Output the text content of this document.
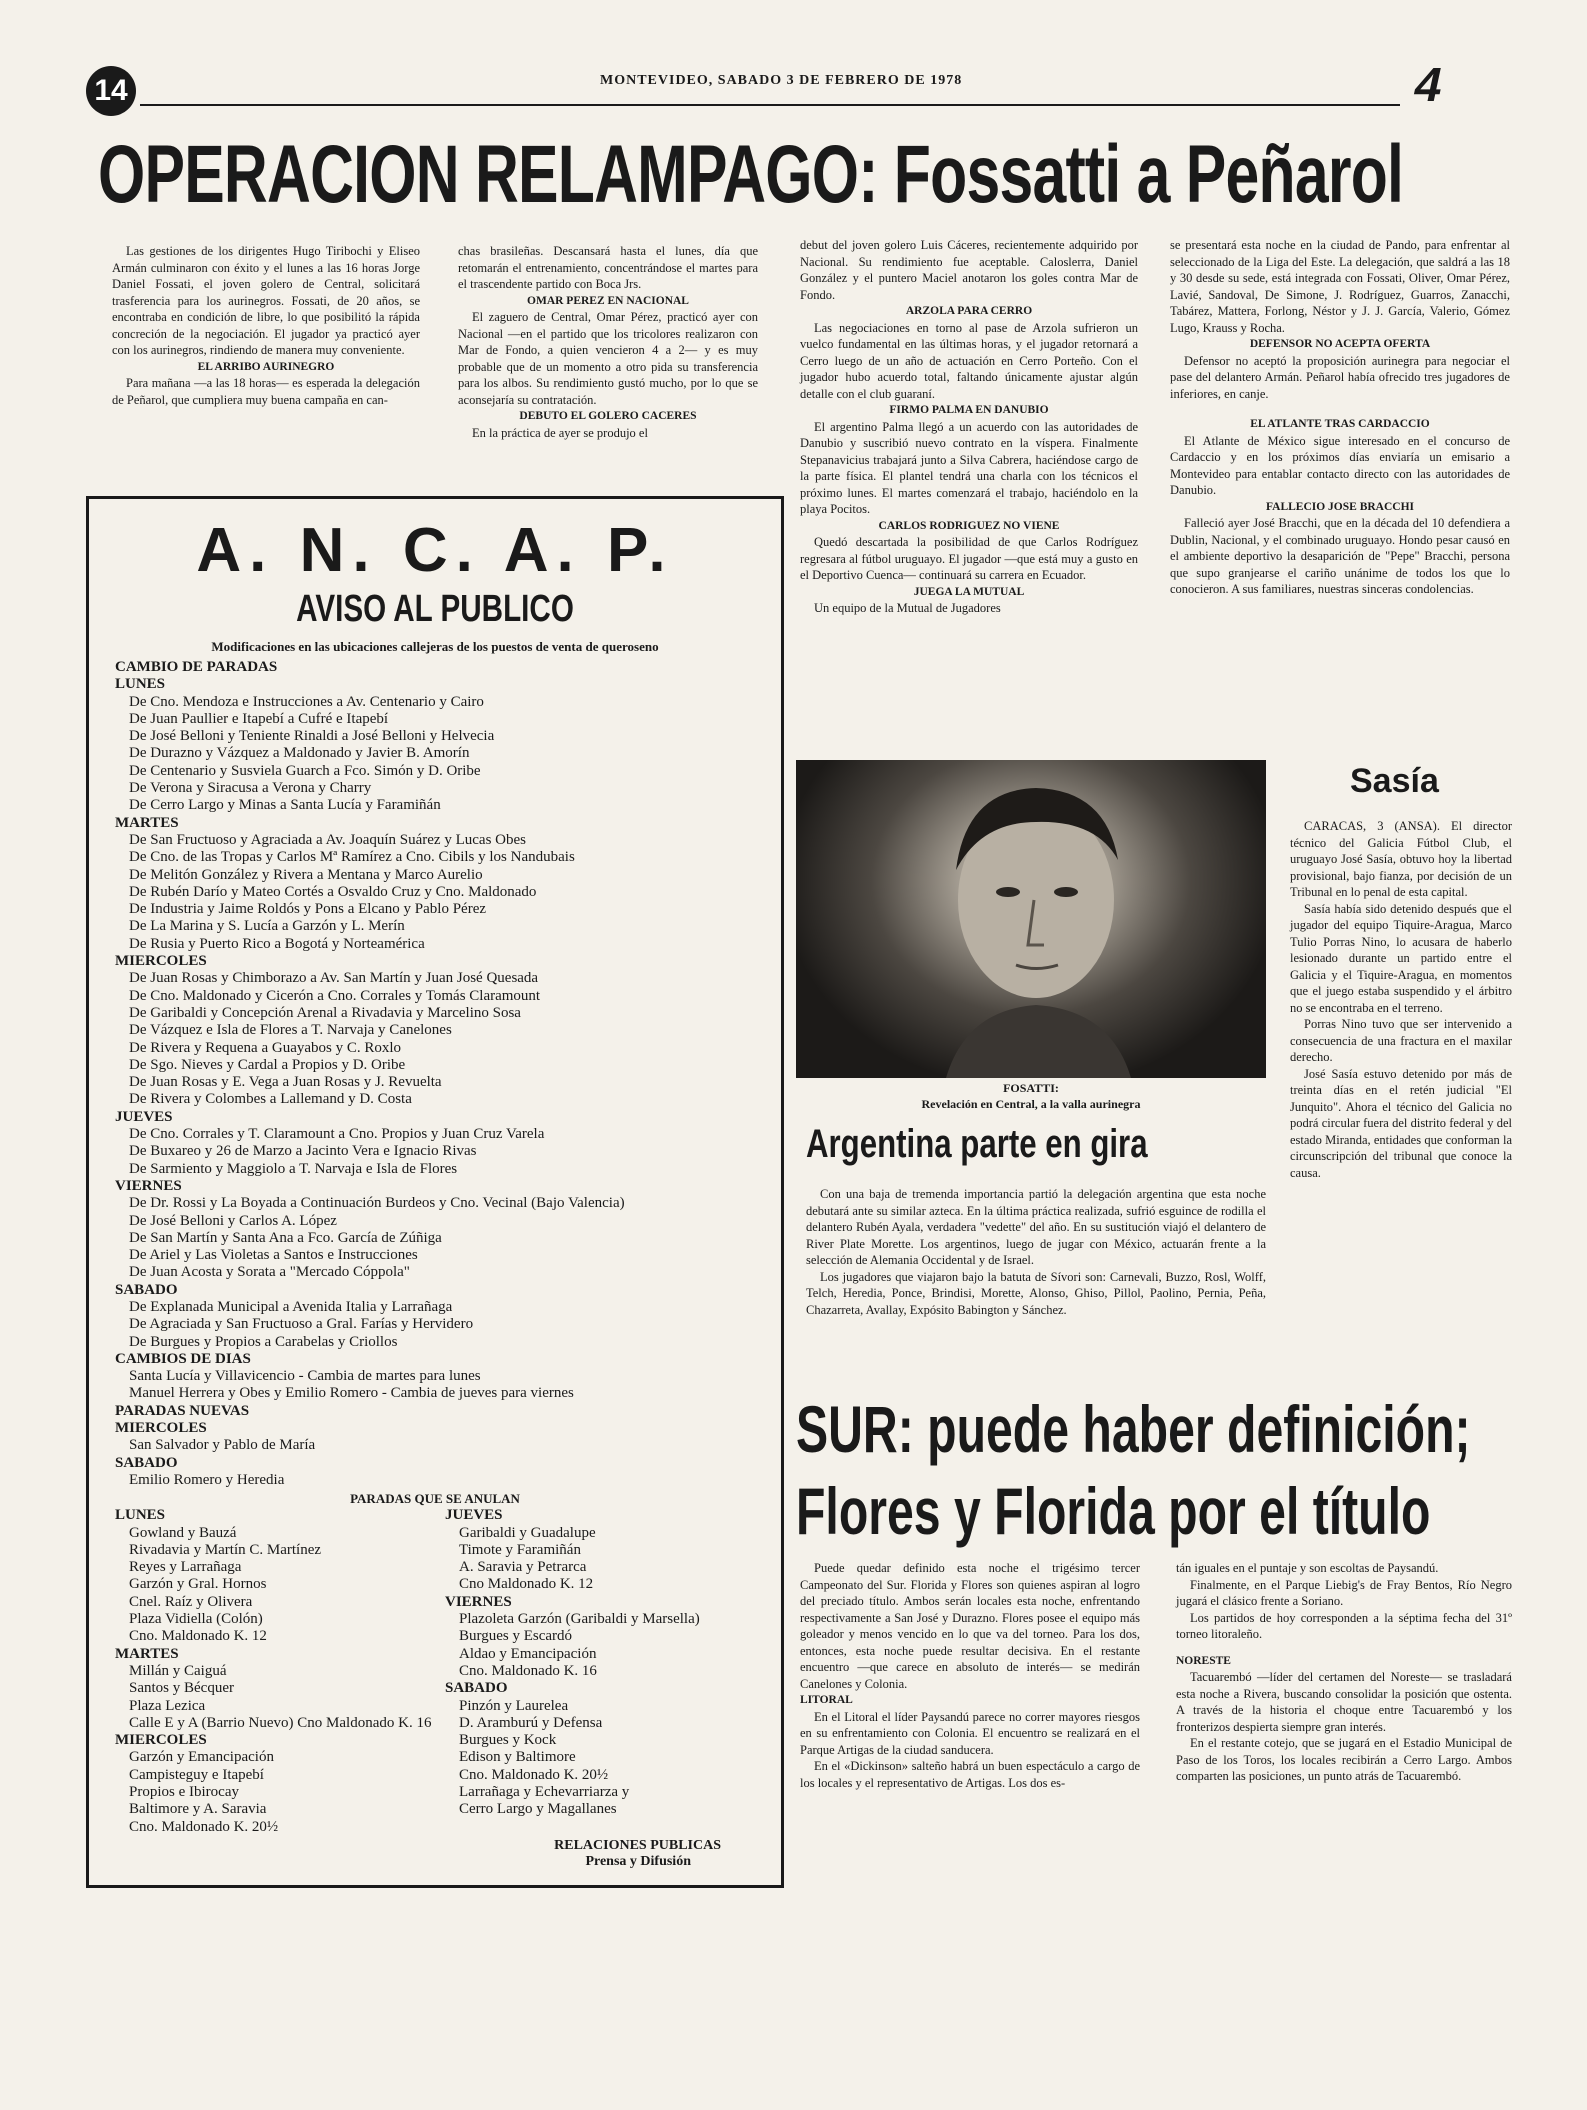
14	MONTEVIDEO, SABADO 3 DE FEBRERO DE 1978	4
OPERACION RELAMPAGO: Fossatti a Peñarol

Las gestiones de los dirigentes Hugo Tiribochi y Eliseo Armán culminaron con éxito y el lunes a las 16 horas Jorge Daniel Fossati, el joven golero de Central, solicitará trasferencia para los aurinegros. Fossati, de 20 años, se encontraba en condición de libre, lo que posibilitó la rápida concreción de la negociación. El jugador ya practicó ayer con los aurinegros, rindiendo de manera muy conveniente.

EL ARRIBO AURINEGRO

Para mañana —a las 18 horas— es esperada la delegación de Peñarol, que cumpliera muy buena campaña en can-

chas brasileñas. Descansará hasta el lunes, día que retomarán el entrenamiento, concentrándose el martes para el trascendente partido con Boca Jrs.

OMAR PEREZ EN NACIONAL

El zaguero de Central, Omar Pérez, practicó ayer con Nacional —en el partido que los tricolores realizaron con Mar de Fondo, a quien vencieron 4 a 2— y es muy probable que de un momento a otro pida su transferencia para los albos. Su rendimiento gustó mucho, por lo que se aconsejaría su contratación.

DEBUTO EL GOLERO CACERES

En la práctica de ayer se produjo el

debut del joven golero Luis Cáceres, recientemente adquirido por Nacional. Su rendimiento fue aceptable. Caloslerra, Daniel González y el puntero Maciel anotaron los goles contra Mar de Fondo.

ARZOLA PARA CERRO

Las negociaciones en torno al pase de Arzola sufrieron un vuelco fundamental en las últimas horas, y el jugador retornará a Cerro luego de un año de actuación en Cerro Porteño. Con el jugador hubo acuerdo total, faltando únicamente ajustar algún detalle con el club guaraní.

FIRMO PALMA EN DANUBIO

El argentino Palma llegó a un acuerdo con las autoridades de Danubio y suscribió nuevo contrato en la víspera. Finalmente Stepanavicius trabajará junto a Silva Cabrera, haciéndose cargo de la parte física. El plantel tendrá una charla con los técnicos el próximo lunes. El martes comenzará el trabajo, haciéndolo en la playa Pocitos.

CARLOS RODRIGUEZ NO VIENE

Quedó descartada la posibilidad de que Carlos Rodríguez regresara al fútbol uruguayo. El jugador —que está muy a gusto en el Deportivo Cuenca— continuará su carrera en Ecuador.

JUEGA LA MUTUAL

Un equipo de la Mutual de Jugadores

se presentará esta noche en la ciudad de Pando, para enfrentar al seleccionado de la Liga del Este. La delegación, que saldrá a las 18 y 30 desde su sede, está integrada con Fossati, Oliver, Omar Pérez, Lavié, Sandoval, De Simone, J. Rodríguez, Guarros, Zanacchi, Tabárez, Mattera, Forlong, Néstor y J. J. García, Valerio, Gómez Lugo, Krauss y Rocha.

DEFENSOR NO ACEPTA OFERTA

Defensor no aceptó la proposición aurinegra para negociar el pase del delantero Armán. Peñarol había ofrecido tres jugadores de inferiores, en canje.

EL ATLANTE TRAS CARDACCIO

El Atlante de México sigue interesado en el concurso de Cardaccio y en los próximos días enviaría un emisario a Montevideo para entablar contacto directo con las autoridades de Danubio.

FALLECIO JOSE BRACCHI

Falleció ayer José Bracchi, que en la década del 10 defendiera a Dublin, Nacional, y el combinado uruguayo. Hondo pesar causó en el ambiente deportivo la desaparición de "Pepe" Bracchi, persona que supo granjearse el cariño unánime de todos los que lo conocieron. A sus familiares, nuestras sinceras condolencias.

A. N. C. A. P.
AVISO AL PUBLICO
Modificaciones en las ubicaciones callejeras de los puestos de venta de queroseno
CAMBIO DE PARADAS
LUNES
De Cno. Mendoza e Instrucciones a Av. Centenario y Cairo
De Juan Paullier e Itapebí a Cufré e Itapebí
De José Belloni y Teniente Rinaldi a José Belloni y Helvecia
De Durazno y Vázquez a Maldonado y Javier B. Amorín
De Centenario y Susviela Guarch a Fco. Simón y D. Oribe
De Verona y Siracusa a Verona y Charry
De Cerro Largo y Minas a Santa Lucía y Faramiñán
MARTES
De San Fructuoso y Agraciada a Av. Joaquín Suárez y Lucas Obes
De Cno. de las Tropas y Carlos Mª Ramírez a Cno. Cibils y los Nandubais
De Melitón González y Rivera a Mentana y Marco Aurelio
De Rubén Darío y Mateo Cortés a Osvaldo Cruz y Cno. Maldonado
De Industria y Jaime Roldós y Pons a Elcano y Pablo Pérez
De La Marina y S. Lucía a Garzón y L. Merín
De Rusia y Puerto Rico a Bogotá y Norteamérica
MIERCOLES
De Juan Rosas y Chimborazo a Av. San Martín y Juan José Quesada
De Cno. Maldonado y Cicerón a Cno. Corrales y Tomás Claramount
De Garibaldi y Concepción Arenal a Rivadavia y Marcelino Sosa
De Vázquez e Isla de Flores a T. Narvaja y Canelones
De Rivera y Requena a Guayabos y C. Roxlo
De Sgo. Nieves y Cardal a Propios y D. Oribe
De Juan Rosas y E. Vega a Juan Rosas y J. Revuelta
De Rivera y Colombes a Lallemand y D. Costa
JUEVES
De Cno. Corrales y T. Claramount a Cno. Propios y Juan Cruz Varela
De Buxareo y 26 de Marzo a Jacinto Vera e Ignacio Rivas
De Sarmiento y Maggiolo a T. Narvaja e Isla de Flores
VIERNES
De Dr. Rossi y La Boyada a Continuación Burdeos y Cno. Vecinal (Bajo Valencia)
De José Belloni y Carlos A. López
De San Martín y Santa Ana a Fco. García de Zúñiga
De Ariel y Las Violetas a Santos e Instrucciones
De Juan Acosta y Sorata a "Mercado Cóppola"
SABADO
De Explanada Municipal a Avenida Italia y Larrañaga
De Agraciada y San Fructuoso a Gral. Farías y Hervidero
De Burgues y Propios a Carabelas y Criollos
CAMBIOS DE DIAS
Santa Lucía y Villavicencio - Cambia de martes para lunes
Manuel Herrera y Obes y Emilio Romero - Cambia de jueves para viernes
PARADAS NUEVAS
MIERCOLES
San Salvador y Pablo de María
SABADO
Emilio Romero y Heredia
PARADAS QUE SE ANULAN
LUNES
Gowland y Bauzá
Rivadavia y Martín C. Martínez
Reyes y Larrañaga
Garzón y Gral. Hornos
Cnel. Raíz y Olivera
Plaza Vidiella (Colón)
Cno. Maldonado K. 12
MARTES
Millán y Caiguá
Santos y Bécquer
Plaza Lezica
Calle E y A (Barrio Nuevo) Cno Maldonado K. 16
MIERCOLES
Garzón y Emancipación
Campisteguy e Itapebí
Propios e Ibirocay
Baltimore y A. Saravia
Cno. Maldonado K. 20½
JUEVES
Garibaldi y Guadalupe
Timote y Faramiñán
A. Saravia y Petrarca
Cno Maldonado K. 12
VIERNES
Plazoleta Garzón (Garibaldi y Marsella)
Burgues y Escardó
Aldao y Emancipación
Cno. Maldonado K. 16
SABADO
Pinzón y Laurelea
D. Aramburú y Defensa
Burgues y Kock
Edison y Baltimore
Cno. Maldonado K. 20½
Larrañaga y Echevarriarza y
Cerro Largo y Magallanes
RELACIONES PUBLICAS
Prensa y Difusión
FOSATTI:
Revelación en Central, a la valla aurinegra
Argentina parte en gira

Con una baja de tremenda importancia partió la delegación argentina que esta noche debutará ante su similar azteca. En la última práctica realizada, sufrió esguince de rodilla el delantero Rubén Ayala, verdadera "vedette" del año. En su sustitución viajó el delantero de River Plate Morette. Los argentinos, luego de jugar con México, actuarán frente a la selección de Alemania Occidental y de Israel.

Los jugadores que viajaron bajo la batuta de Sívori son: Carnevali, Buzzo, Rosl, Wolff, Telch, Heredia, Ponce, Brindisi, Morette, Alonso, Ghiso, Pillol, Paolino, Pernia, Peña, Chazarreta, Avallay, Expósito Babington y Sánchez.

Sasía

CARACAS, 3 (ANSA). El director técnico del Galicia Fútbol Club, el uruguayo José Sasía, obtuvo hoy la libertad provisional, bajo fianza, por decisión de un Tribunal en lo penal de esta capital.

Sasía había sido detenido después que el jugador del equipo Tiquire-Aragua, Marco Tulio Porras Nino, lo acusara de haberlo lesionado durante un partido entre el Galicia y el Tiquire-Aragua, en momentos que el juego estaba suspendido y el árbitro no se encontraba en el terreno.

Porras Nino tuvo que ser intervenido a consecuencia de una fractura en el maxilar derecho.

José Sasía estuvo detenido por más de treinta días en el retén judicial "El Junquito". Ahora el técnico del Galicia no podrá circular fuera del distrito federal y del estado Miranda, entidades que conforman la circunscripción del tribunal que conoce la causa.

SUR: puede haber definición;
Flores y Florida por el título

Puede quedar definido esta noche el trigésimo tercer Campeonato del Sur. Florida y Flores son quienes aspiran al logro del preciado título. Ambos serán locales esta noche, enfrentando respectivamente a San José y Durazno. Flores posee el equipo más goleador y menos vencido en lo que va del torneo. Para los dos, entonces, esta noche puede resultar decisiva. En el restante encuentro —que carece en absoluto de interés— se medirán Canelones y Colonia.

LITORAL

En el Litoral el líder Paysandú parece no correr mayores riesgos en su enfrentamiento con Colonia. El encuentro se realizará en el Parque Artigas de la ciudad sanducera.

En el «Dickinson» salteño habrá un buen espectáculo a cargo de los locales y el representativo de Artigas. Los dos es-

tán iguales en el puntaje y son escoltas de Paysandú.

Finalmente, en el Parque Liebig's de Fray Bentos, Río Negro jugará el clásico frente a Soriano.

Los partidos de hoy corresponden a la séptima fecha del 31º torneo litoraleño.

NORESTE

Tacuarembó —líder del certamen del Noreste— se trasladará esta noche a Rivera, buscando consolidar la posición que ostenta. A través de la historia el choque entre Tacuarembó y los fronterizos despierta siempre gran interés.

En el restante cotejo, que se jugará en el Estadio Municipal de Paso de los Toros, los locales recibirán a Cerro Largo. Ambos comparten las posiciones, un punto atrás de Tacuarembó.
